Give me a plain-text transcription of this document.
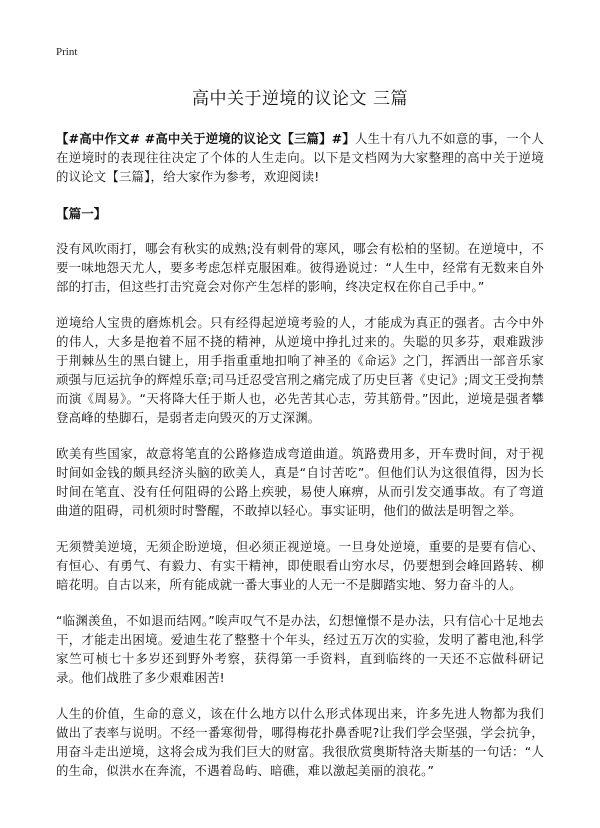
Print
高中关于逆境的议论文 三篇

【#高中作文# #高中关于逆境的议论文【三篇】#】人生十有八九不如意的事，一个人在逆境时的表现往往决定了个体的人生走向。以下是文档网为大家整理的高中关于逆境的议论文【三篇】，给大家作为参考，欢迎阅读!

【篇一】

没有风吹雨打，哪会有秋实的成熟;没有刺骨的寒风，哪会有松柏的坚韧。在逆境中，不要一味地怨天尤人，要多考虑怎样克服困难。彼得逊说过：“人生中，经常有无数来自外部的打击，但这些打击究竟会对你产生怎样的影响，终决定权在你自己手中。”

逆境给人宝贵的磨炼机会。只有经得起逆境考验的人，才能成为真正的强者。古今中外的伟人，大多是抱着不屈不挠的精神，从逆境中挣扎过来的。失聪的贝多芬，艰难跋涉于荆棘丛生的黑白键上，用手指重重地扣响了神圣的《命运》之门，挥洒出一部音乐家顽强与厄运抗争的辉煌乐章;司马迁忍受宫刑之痛完成了历史巨著《史记》;周文王受拘禁而演《周易》。“天将降大任于斯人也，必先苦其心志，劳其筋骨。”因此，逆境是强者攀登高峰的垫脚石，是弱者走向毁灭的万丈深渊。

欧美有些国家，故意将笔直的公路修造成弯道曲道。筑路费用多，开车费时间，对于视时间如金钱的颇具经济头脑的欧美人，真是“自讨苦吃”。但他们认为这很值得，因为长时间在笔直、没有任何阻碍的公路上疾驶，易使人麻痹，从而引发交通事故。有了弯道曲道的阻碍，司机须时时警醒，不敢掉以轻心。事实证明，他们的做法是明智之举。

无须赞美逆境，无须企盼逆境，但必须正视逆境。一旦身处逆境，重要的是要有信心、有恒心、有勇气、有毅力、有实干精神，即使眼看山穷水尽，仍要想到会峰回路转、柳暗花明。自古以来，所有能成就一番大事业的人无一不是脚踏实地、努力奋斗的人。

“临渊羡鱼，不如退而结网。”唉声叹气不是办法，幻想憧憬不是办法，只有信心十足地去干，才能走出困境。爱迪生花了整整十个年头，经过五万次的实验，发明了蓄电池,科学家竺可桢七十多岁还到野外考察，获得第一手资料，直到临终的一天还不忘做科研记录。他们战胜了多少艰难困苦!

人生的价值，生命的意义，该在什么地方以什么形式体现出来，许多先进人物都为我们做出了表率与说明。不经一番寒彻骨，哪得梅花扑鼻香呢?让我们学会坚强，学会抗争，用奋斗走出逆境，这将会成为我们巨大的财富。我很欣赏奥斯特洛夫斯基的一句话：“人的生命，似洪水在奔流，不遇着岛屿、暗礁，难以激起美丽的浪花。”
